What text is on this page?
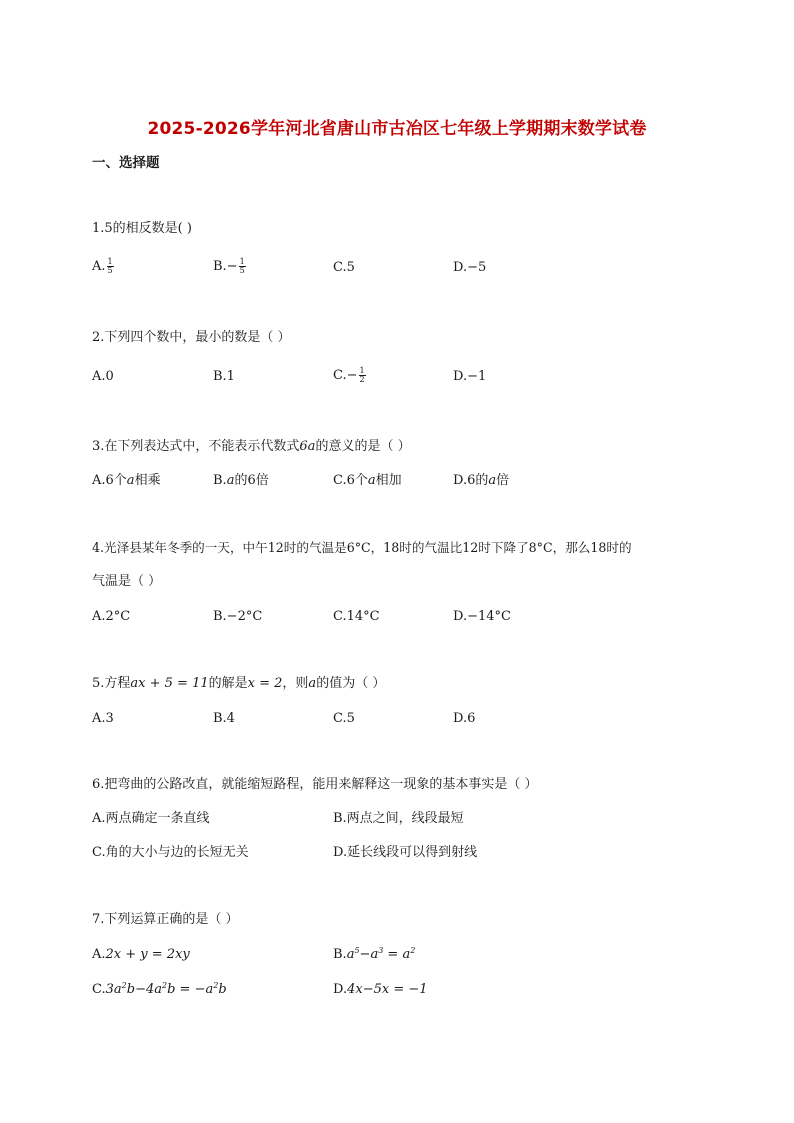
2025-2026学年河北省唐山市古冶区七年级上学期期末数学试卷
一、选择题
1.5的相反数是( )
A. $\frac{1}{5}$	$B.- \frac{1}{5}$	C.5	D.−5
2.下列四个数中，最小的数是（ ）
A.0	B.1	$C.- \frac{1}{2}$	D.−1
3.在下列表达式中，不能表示代数式6a的意义的是（ ）
A.6个a相乘	B.a的6倍	C.6个a相加	D.6的a倍
4.光泽县某年冬季的一天，中午12时的气温是6°C，18时的气温比12时下降了8°C，那么18时的
气温是（ ）
A.2°C	B.−2°C	C.14°C	D.−14°C
5.方程ax + 5 = 11的解是x = 2，则a的值为（ ）
A.3	B.4	C.5	D.6
6.把弯曲的公路改直，就能缩短路程，能用来解释这一现象的基本事实是（ ）
A.两点确定一条直线	B.两点之间，线段最短
C.角的大小与边的长短无关	D.延长线段可以得到射线
7.下列运算正确的是（ ）
A.2x + y = 2xy	$B.a^5-a^3 = a^2$
$C.3a^2b-4a^2b = -a^2b$	D.4x−5x = −1
